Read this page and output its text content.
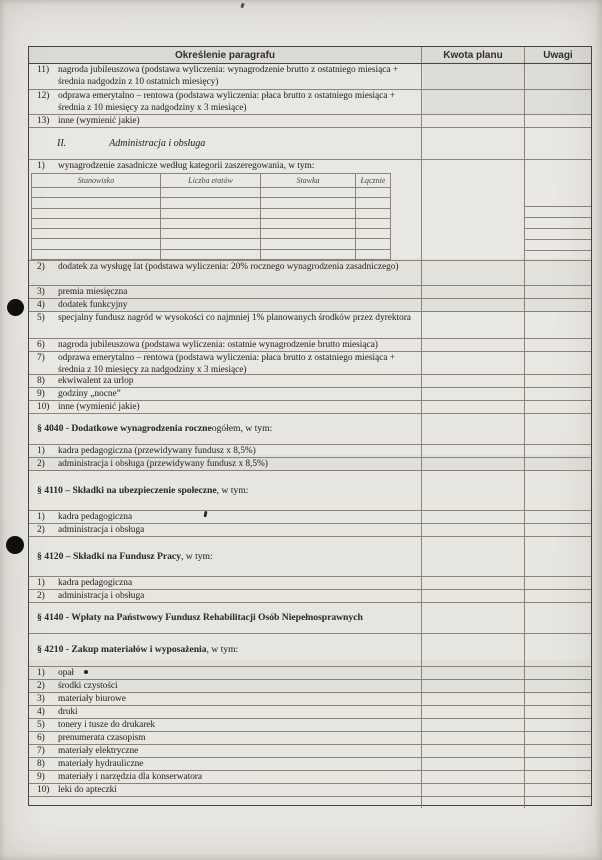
Określenie paragrafu	Kwota planu	Uwagi
11) nagroda jubileuszowa (podstawa wyliczenia: wynagrodzenie brutto z ostatniego miesiąca + średnia nadgodzin z 10 ostatnich miesięcy)
12) odprawa emerytalno – rentowa (podstawa wyliczenia: płaca brutto z ostatniego miesiąca + średnia z 10 miesięcy za nadgodziny x 3 miesiące)
13) inne (wymienić jakie)
II.	Administracja i obsługa
1)	wynagrodzenie zasadnicze według kategorii zaszeregowania, w tym:
Stanowisko	Liczba etatów	Stawka	Łącznie
2)	dodatek za wysługę lat (podstawa wyliczenia: 20% rocznego wynagrodzenia zasadniczego)
3)	premia miesięczna
4)	dodatek funkcyjny
5)	specjalny fundusz nagród w wysokości co najmniej 1% planowanych środków przez dyrektora
6)	nagroda jubileuszowa (podstawa wyliczenia: ostatnie wynagrodzenie brutto miesiąca)
7)	odprawa emerytalno – rentowa (podstawa wyliczenia: płaca brutto z ostatniego miesiąca + średnia z 10 miesięcy za nadgodziny x 3 miesiące)
8)	ekwiwalent za urlop
9)	godziny „nocne”
10) inne (wymienić jakie)
§ 4040 - Dodatkowe wynagrodzenia roczne ogółem, w tym:
1)	kadra pedagogiczna (przewidywany fundusz x 8,5%)
2)	administracja i obsługa (przewidywany fundusz x 8,5%)
§ 4110 – Składki na ubezpieczenie społeczne , w tym:
1)	kadra pedagogiczna
2)	administracja i obsługa
§ 4120 – Składki na Fundusz Pracy , w tym:
1)	kadra pedagogiczna
2)	administracja i obsługa
§ 4140 - Wpłaty na Państwowy Fundusz Rehabilitacji Osób Niepełnosprawnych
§ 4210 - Zakup materiałów i wyposażenia , w tym:
1)	opał
2)	środki czystości
3)	materiały biurowe
4)	druki
5)	tonery i tusze do drukarek
6)	prenumerata czasopism
7)	materiały elektryczne
8)	materiały hydrauliczne
9)	materiały i narzędzia dla konserwatora
10) leki do apteczki
